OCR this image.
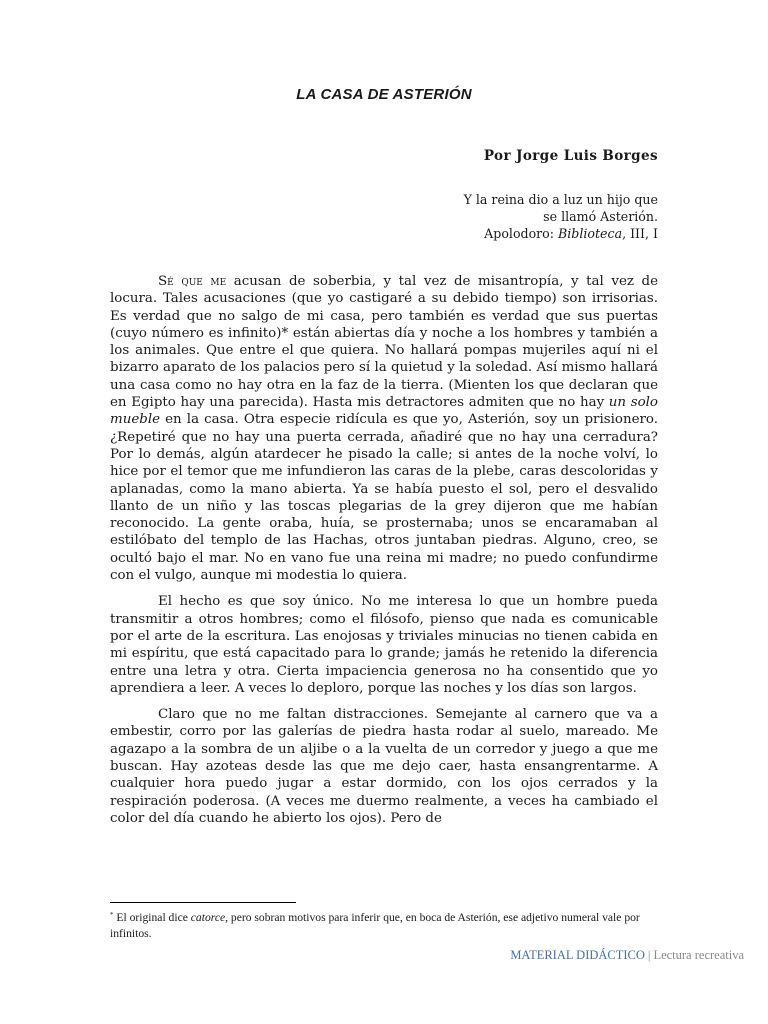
LA CASA DE ASTERIÓN
Por Jorge Luis Borges
Y la reina dio a luz un hijo que
se llamó Asterión.
Apolodoro: Biblioteca, III, I

Sé que me acusan de soberbia, y tal vez de misantropía, y tal vez de locura. Tales acusaciones (que yo castigaré a su debido tiempo) son irrisorias. Es verdad que no salgo de mi casa, pero también es verdad que sus puertas (cuyo número es infinito)* están abiertas día y noche a los hombres y también a los animales. Que entre el que quiera. No hallará pompas mujeriles aquí ni el bizarro aparato de los palacios pero sí la quietud y la soledad. Así mismo hallará una casa como no hay otra en la faz de la tierra. (Mienten los que declaran que en Egipto hay una parecida). Hasta mis detractores admiten que no hay un solo mueble en la casa. Otra especie ridícula es que yo, Asterión, soy un prisionero. ¿Repetiré que no hay una puerta cerrada, añadiré que no hay una cerradura? Por lo demás, algún atardecer he pisado la calle; si antes de la noche volví, lo hice por el temor que me infundieron las caras de la plebe, caras descoloridas y aplanadas, como la mano abierta. Ya se había puesto el sol, pero el desvalido llanto de un niño y las toscas plegarias de la grey dijeron que me habían reconocido. La gente oraba, huía, se prosternaba; unos se encaramaban al estilóbato del templo de las Hachas, otros juntaban piedras. Alguno, creo, se ocultó bajo el mar. No en vano fue una reina mi madre; no puedo confundirme con el vulgo, aunque mi modestia lo quiera.

El hecho es que soy único. No me interesa lo que un hombre pueda transmitir a otros hombres; como el filósofo, pienso que nada es comunicable por el arte de la escritura. Las enojosas y triviales minucias no tienen cabida en mi espíritu, que está capacitado para lo grande; jamás he retenido la diferencia entre una letra y otra. Cierta impaciencia generosa no ha consentido que yo aprendiera a leer. A veces lo deploro, porque las noches y los días son largos.

Claro que no me faltan distracciones. Semejante al carnero que va a embestir, corro por las galerías de piedra hasta rodar al suelo, mareado. Me agazapo a la sombra de un aljibe o a la vuelta de un corredor y juego a que me buscan. Hay azoteas desde las que me dejo caer, hasta ensangrentarme. A cualquier hora puedo jugar a estar dormido, con los ojos cerrados y la respiración poderosa. (A veces me duermo realmente, a veces ha cambiado el color del día cuando he abierto los ojos). Pero de

* El original dice catorce, pero sobran motivos para inferir que, en boca de Asterión, ese adjetivo numeral vale por infinitos.
MATERIAL DIDÁCTICO | Lectura recreativa
